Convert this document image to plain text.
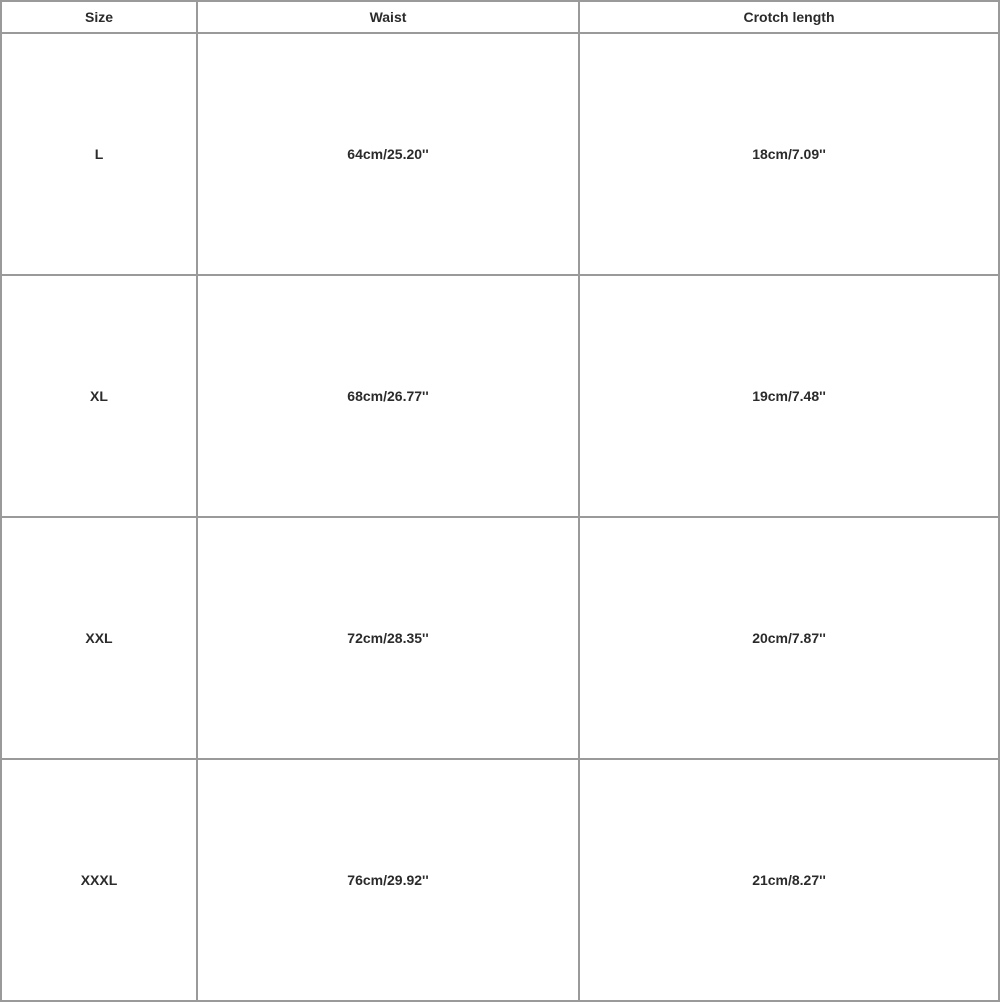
Size	Waist	Crotch length
L	64cm/25.20''	18cm/7.09''
XL	68cm/26.77''	19cm/7.48''
XXL	72cm/28.35''	20cm/7.87''
XXXL	76cm/29.92''	21cm/8.27''
